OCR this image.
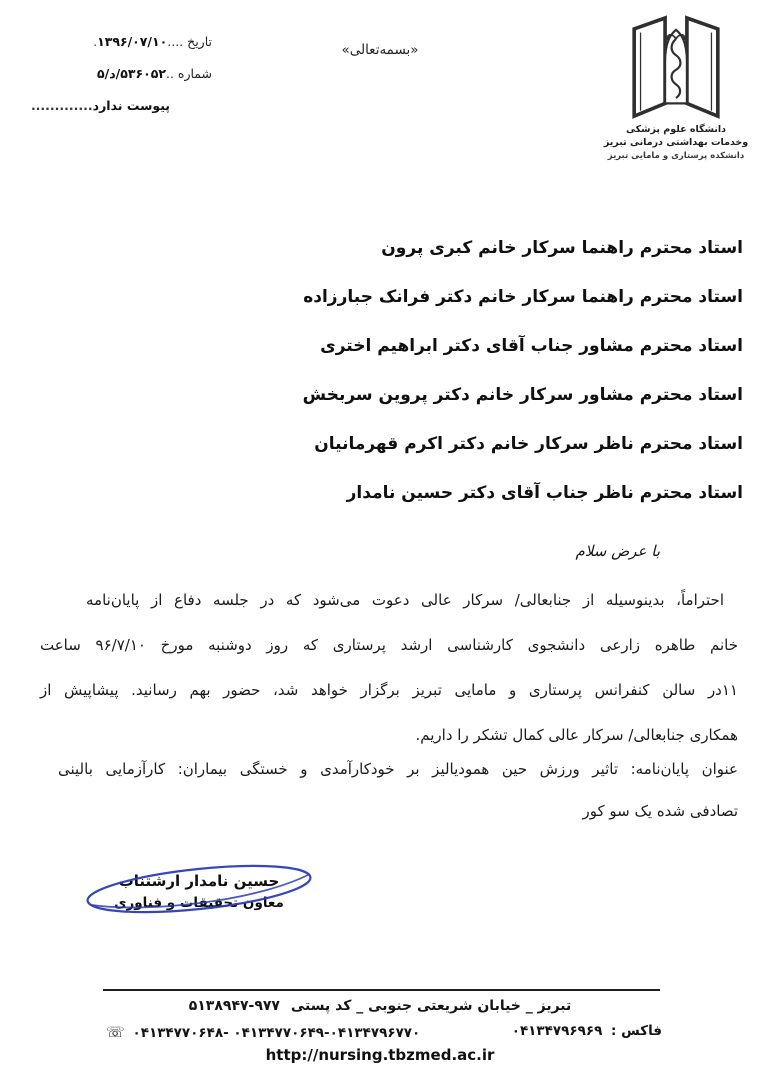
تاریخ ....۱۳۹۶/۰۷/۱۰.
شماره ..۵/د/۵۳۶۰۵۲
پیوست ندارد.............
«بسمه‌تعالی»
دانشگاه علوم پزشکی
وخدمات بهداشتی درمانی تبریز
دانشکده پرستاری و مامایی تبریز
استاد محترم راهنما سرکار خانم کبری پرون
استاد محترم راهنما سرکار خانم دکتر فرانک جبارزاده
استاد محترم مشاور جناب آقای دکتر ابراهیم اختری
استاد محترم مشاور سرکار خانم دکتر پروین سربخش
استاد محترم ناظر سرکار خانم دکتر اکرم قهرمانیان
استاد محترم ناظر جناب آقای دکتر حسین نامدار
با عرض سلام
احتراماً، بدینوسیله از جنابعالی/ سرکار عالی دعوت می‌شود که در جلسه دفاع از پایان‌نامه
خانم طاهره زارعی دانشجوی کارشناسی ارشد پرستاری که روز دوشنبه مورخ ۹۶/۷/۱۰ ساعت
۱۱در سالن کنفرانس پرستاری و مامایی تبریز برگزار خواهد شد، حضور بهم رسانید. پیشاپیش از
همکاری جنابعالی/ سرکار عالی کمال تشکر را داریم.
عنوان پایان‌نامه: تاثیر ورزش حین همودیالیز بر خودکارآمدی و خستگی بیماران: کارآزمایی بالینی
تصادفی شده یک سو کور
حسین نامدار ارشتناب
معاون تحقیقات و فناوری
تبریز _ خیابان شریعتی جنوبی _ کد پستی ۵۱۳۸۹۴۷-۹۷۷
فاکس : ۰۴۱۳۴۷۹۶۹۶۹
۰۴۱۳۴۷۷۰۶۴۸- ۰۴۱۳۴۷۷۰۶۴۹-۰۴۱۳۴۷۹۶۷۷۰ ☏
http://nursing.tbzmed.ac.ir
